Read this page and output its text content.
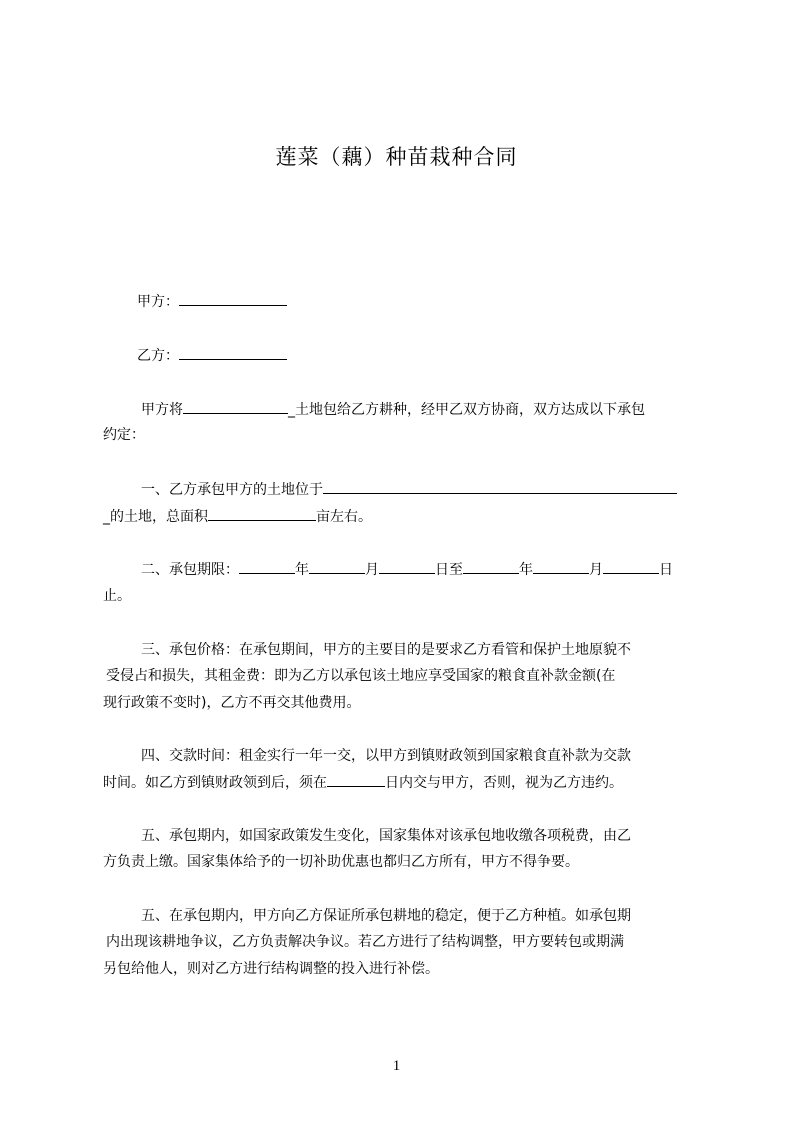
莲菜（藕）种苗栽种合同
甲方：
乙方：
甲方将	_土地包给乙方耕种，经甲乙双方协商，双方达成以下承包
约定：
一、乙方承包甲方的土地位于
_的土地，总面积	亩左右。
二、承包期限：	年	月	日至	年	月	日
止。
三、承包价格：在承包期间，甲方的主要目的是要求乙方看管和保护土地原貌不
受侵占和损失，其租金费：即为乙方以承包该土地应享受国家的粮食直补款金额(在
现行政策不变时)，乙方不再交其他费用。
四、交款时间：租金实行一年一交，以甲方到镇财政领到国家粮食直补款为交款
时间。如乙方到镇财政领到后，须在	日内交与甲方，否则，视为乙方违约。
五、承包期内，如国家政策发生变化，国家集体对该承包地收缴各项税费，由乙
方负责上缴。国家集体给予的一切补助优惠也都归乙方所有，甲方不得争要。
五、在承包期内，甲方向乙方保证所承包耕地的稳定，便于乙方种植。如承包期
内出现该耕地争议，乙方负责解决争议。若乙方进行了结构调整，甲方要转包或期满
另包给他人，则对乙方进行结构调整的投入进行补偿。
1
